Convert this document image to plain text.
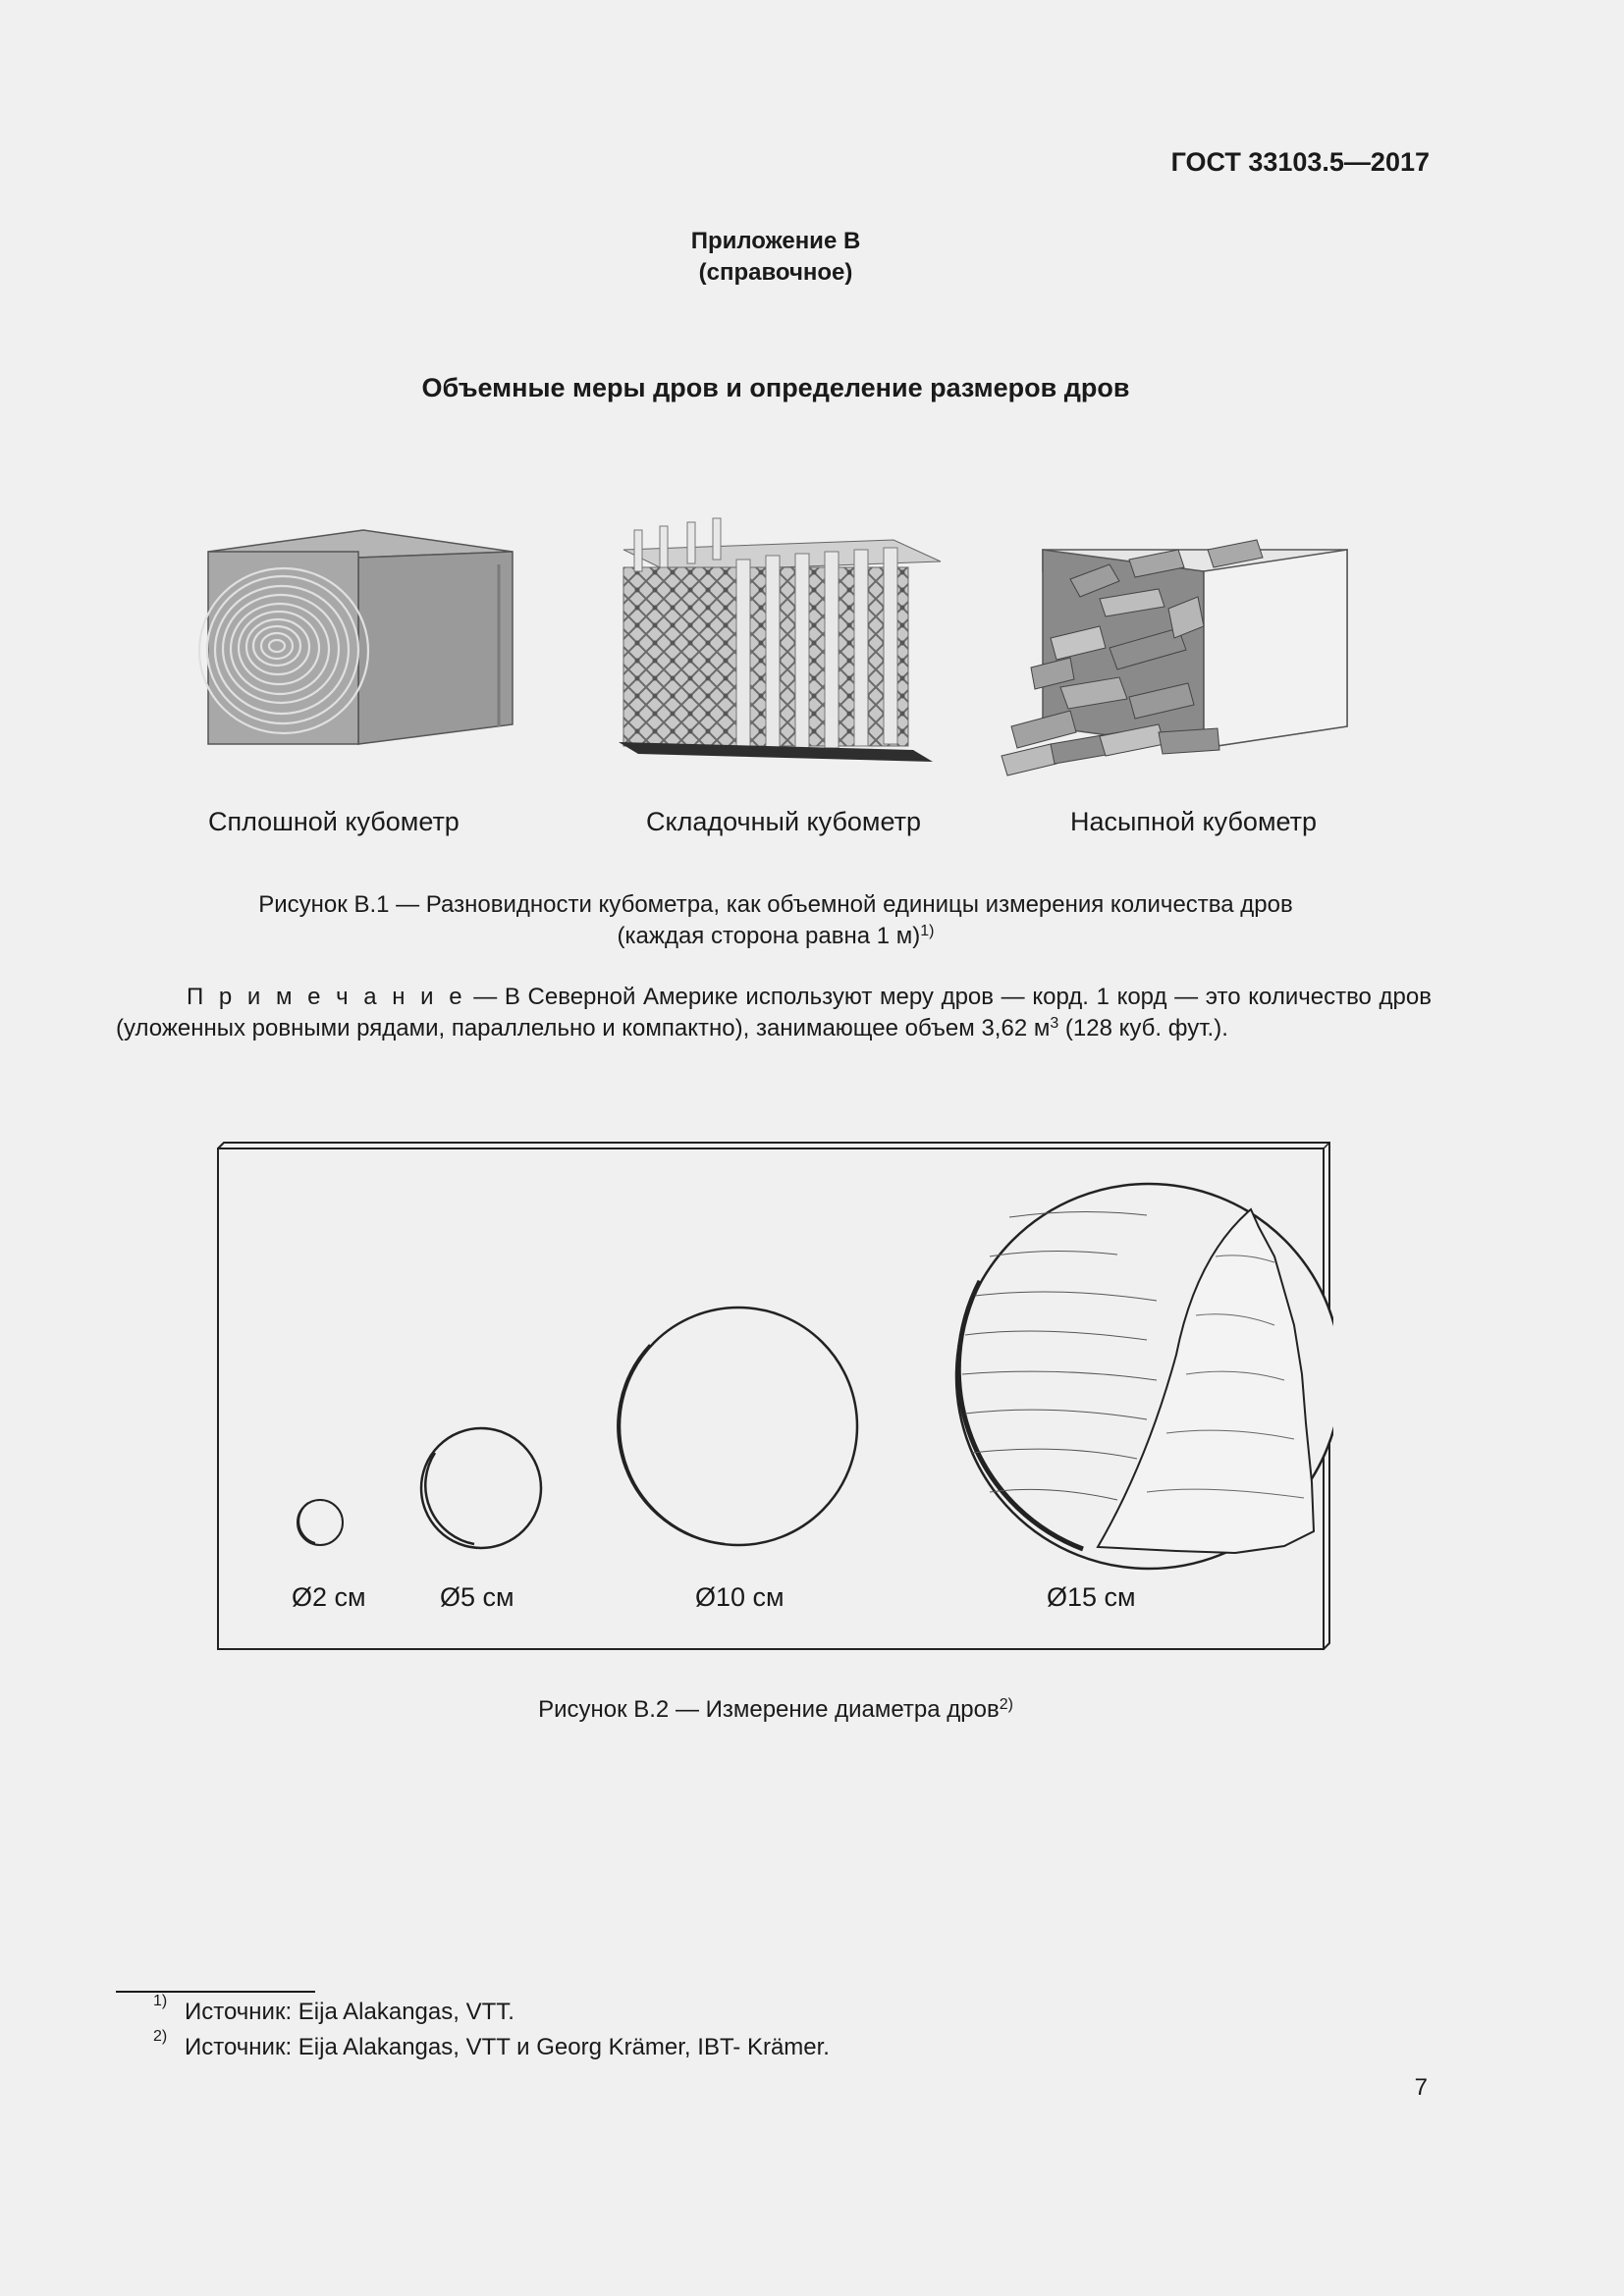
ГОСТ 33103.5—2017
Приложение В
(справочное)
Объемные меры дров и определение размеров дров
Сплошной кубометр	Складочный кубометр	Насыпной кубометр
Рисунок В.1 — Разновидности кубометра, как объемной единицы измерения количества дров
(каждая сторона равна 1 м)$^{1)}$
П р и м е ч а н и е — В Северной Америке используют меру дров — корд. 1 корд — это количество дров (уложенных ровными рядами, параллельно и компактно), занимающее объем 3,62 $м^3$ (128 куб. фут.).
Ø2 см	Ø5 см	Ø10 см	Ø15 см
Рисунок В.2 — Измерение диаметра дров$^{2)}$
1) Источник: Eija Alakangas, VTT.
2) Источник: Eija Alakangas, VTT и Georg Krämer, IBT- Krämer.
7
